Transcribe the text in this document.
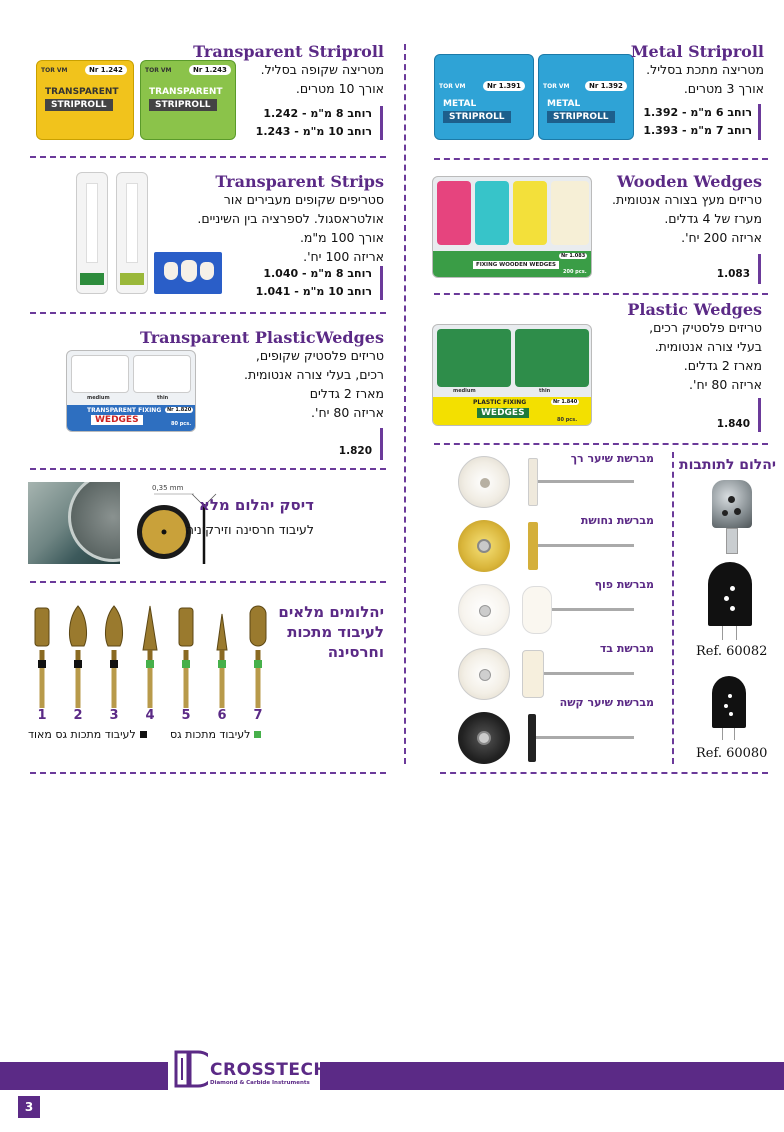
TOR VM	Nr 1.242
TRANSPARENT
STRIPROLL
TOR VM	Nr 1.243
TRANSPARENT
STRIPROLL
Transparent Striproll
מטריצה שקופה בסליל.
אורך 10 מטרים.
רוחב 8 מ"מ - 1.242
רוחב 10 מ"מ - 1.243
Transparent Strips
סטריפים שקופים מעבירים אור
אולטראסגול. לספרציה בין השיניים.
אורך 100 מ"מ.
אריזה 100 יח'.
רוחב 8 מ"מ - 1.040
רוחב 10 מ"מ - 1.041
TRANSPARENT FIXING
WEDGES
Nr 1.820
80 pcs.
medium	thin
Transparent PlasticWedges
טריזים פלסטיק שקופים,
רכים, בעלי צורה אנטומית.
מארז 2 גדלים
אריזה 80 יח'.
1.820
0,35 mm
דיסק יהלום מלא
לעיבוד חרסינה וזירקוניה
1	2	3	4	5	6	7
יהלומים מלאים
לעיבוד מתכות
וחרסינה
לעיבוד מתכות גס
לעיבוד מתכות גס מאוד
TOR VM	Nr 1.391
METAL
STRIPROLL
TOR VM	Nr 1.392
METAL
STRIPROLL
Metal Striproll
מטריצה מתכת בסליל.
אורך 3 מטרים.
רוחב 6 מ"מ - 1.392
רוחב 7 מ"מ - 1.393
FIXING WOODEN WEDGES
Nr 1.083
200 pcs.
Wooden Wedges
טריזים מעץ בצורה אנטומית.
מערז של 4 גדלים.
אריזה 200 יח'.
1.083
medium	thin
PLASTIC FIXING
WEDGES
Nr 1.840
80 pcs.
Plastic Wedges
טריזים פלסטיק רכים,
בעלי צורה אנטומית.
מארז 2 גדלים.
אריזה 80 יח'.
1.840
מברשת שיער רך
מברשת נחושת
מברשת פוף
מברשת בד
מברשת שיער קשה
יהלום לתותבות
Ref. 60082
Ref. 60080
CROSSTECH
Diamond & Carbide Instruments
3
